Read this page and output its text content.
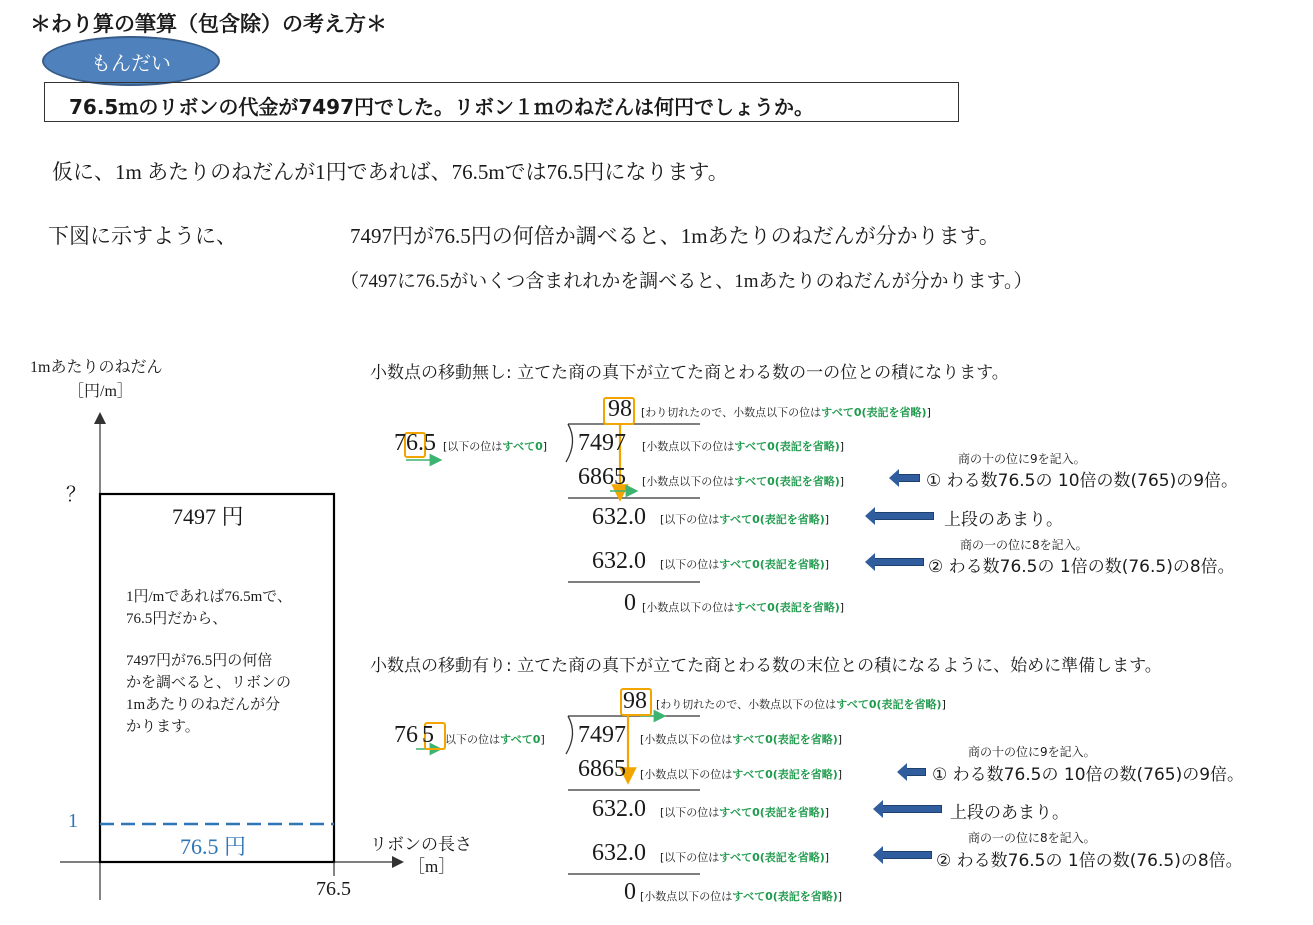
＊わり算の筆算（包含除）の考え方＊
もんだい
76.5ｍのリボンの代金が7497円でした。リボン１ｍのねだんは何円でしょうか。
仮に、1m あたりのねだんが1円であれば、76.5mでは76.5円になります。
下図に示すように、	7497円が76.5円の何倍か調べると、1mあたりのねだんが分かります。
（7497に76.5がいくつ含まれれかを調べると、1mあたりのねだんが分かります。）
1mあたりのねだん
［円/m］
？
1
リボンの長さ
［m］
76.5
7497 円
76.5 円
1円/mであれば76.5mで、
76.5円だから、
7497円が76.5円の何倍
かを調べると、リボンの
1mあたりのねだんが分
かります。
小数点の移動無し: 立てた商の真下が立てた商とわる数の一の位との積になります。
98 [わり切れたので、小数点以下の位はすべて0(表記を省略)]
76.5 [以下の位はすべて0] 7497 [小数点以下の位はすべて0(表記を省略)]
6865 [小数点以下の位はすべて0(表記を省略)]
商の十の位に9を記入。
① わる数76.5の 10倍の数(765)の9倍。
632.0 [以下の位はすべて0(表記を省略)]	上段のあまり。
商の一の位に8を記入。
632.0 [以下の位はすべて0(表記を省略)]	② わる数76.5の 1倍の数(76.5)の8倍。
0 [小数点以下の位はすべて0(表記を省略)]
小数点の移動有り: 立てた商の真下が立てた商とわる数の末位との積になるように、始めに準備します。
98 [わり切れたので、小数点以下の位はすべて0(表記を省略)]
76 5 以下の位はすべて0] 7497 [小数点以下の位はすべて0(表記を省略)]
6865 [小数点以下の位はすべて0(表記を省略)]
商の十の位に9を記入。
① わる数76.5の 10倍の数(765)の9倍。
632.0 [以下の位はすべて0(表記を省略)]	上段のあまり。
商の一の位に8を記入。
632.0 [以下の位はすべて0(表記を省略)]	② わる数76.5の 1倍の数(76.5)の8倍。
0 [小数点以下の位はすべて0(表記を省略)]
